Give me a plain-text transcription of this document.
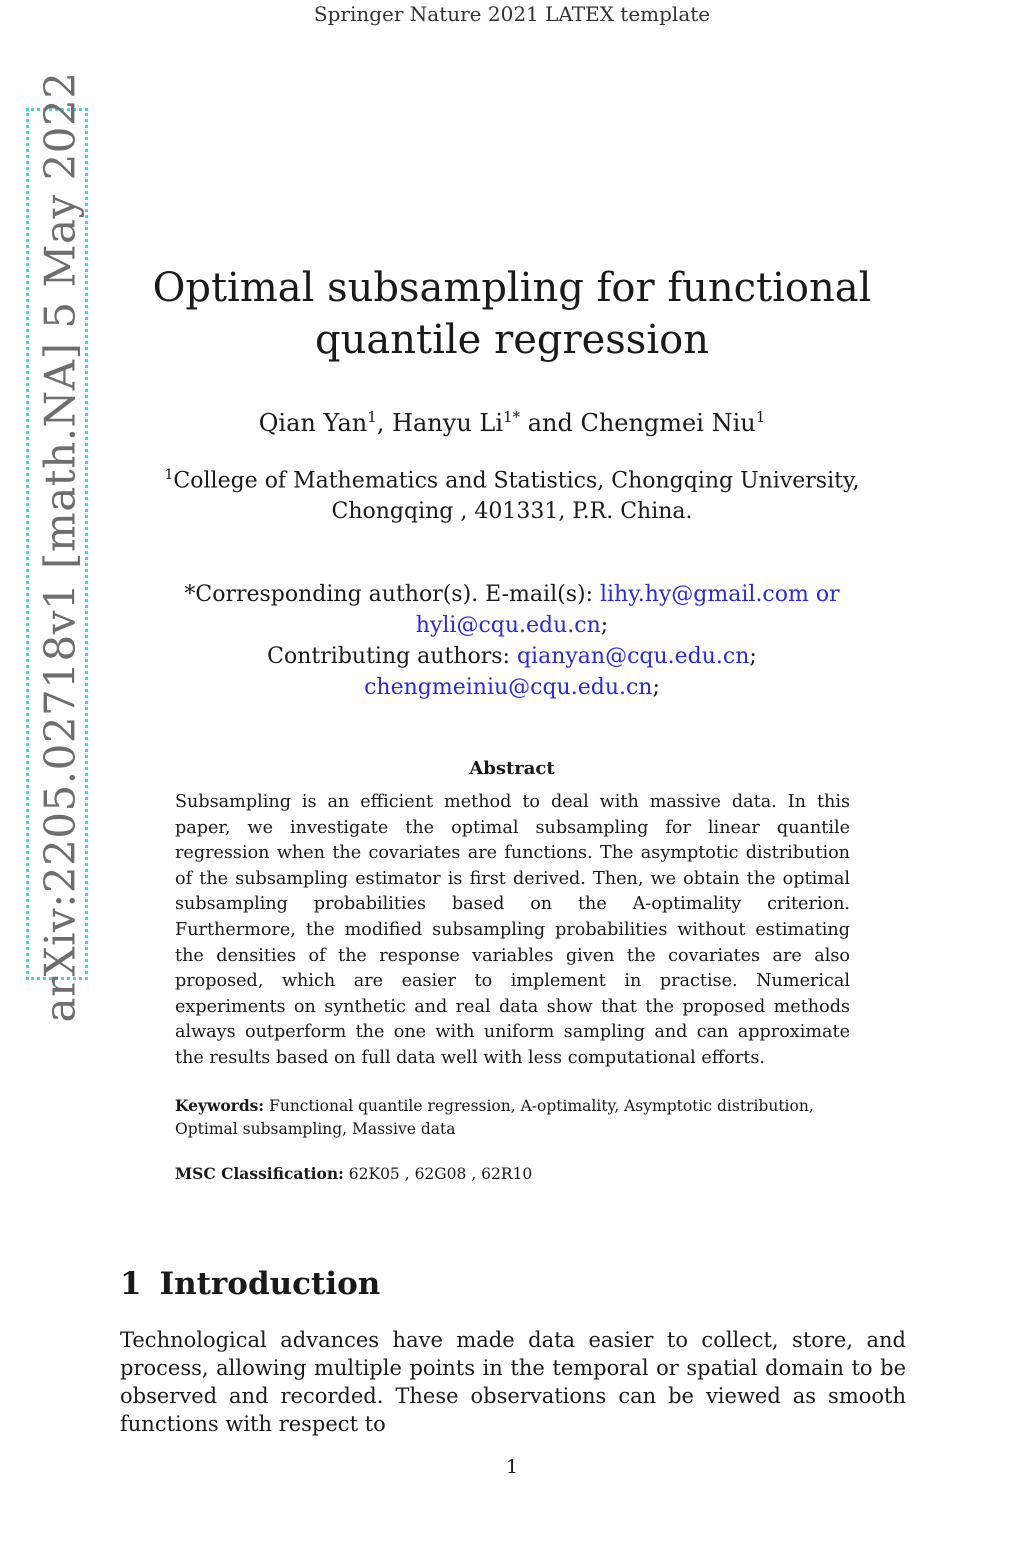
Springer Nature 2021 LATEX template
arXiv:2205.02718v1 [math.NA] 5 May 2022	Optimal subsampling for functional quantile regression
Qian Yan$^1$, Hanyu $Li^{1*}$ and Chengmei Niu$^1$
$^1$College of Mathematics and Statistics, Chongqing University,
Chongqing , 401331, P.R. China.
*Corresponding author(s). E-mail(s): lihy.hy@gmail.com or
hyli@cqu.edu.cn;
Contributing authors: qianyan@cqu.edu.cn;
chengmeiniu@cqu.edu.cn;
Abstract

Subsampling is an efficient method to deal with massive data. In this paper, we investigate the optimal subsampling for linear quantile regression when the covariates are functions. The asymptotic distribution of the subsampling estimator is first derived. Then, we obtain the optimal subsampling probabilities based on the A-optimality criterion. Furthermore, the modified subsampling probabilities without estimating the densities of the response variables given the covariates are also proposed, which are easier to implement in practise. Numerical experiments on synthetic and real data show that the proposed methods always outperform the one with uniform sampling and can approximate the results based on full data well with less computational efforts.

Keywords: Functional quantile regression, A-optimality, Asymptotic distribution, Optimal subsampling, Massive data

MSC Classification: 62K05 , 62G08 , 62R10

1 Introduction

Technological advances have made data easier to collect, store, and process, allowing multiple points in the temporal or spatial domain to be observed and recorded. These observations can be viewed as smooth functions with respect to

1
